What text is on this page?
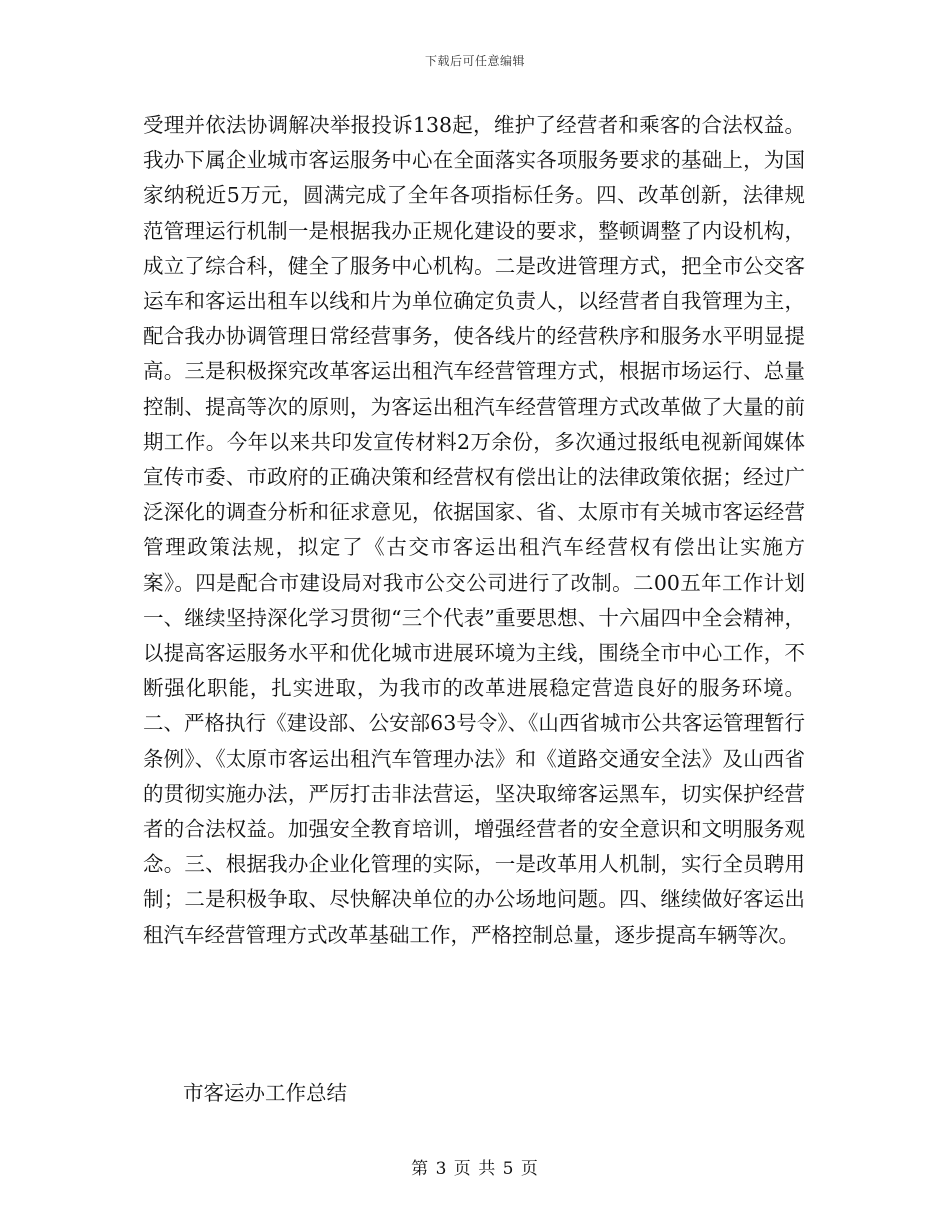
下载后可任意编辑

受理并依法协调解决举报投诉138起，维护了经营者和乘客的合法权益。我办下属企业城市客运服务中心在全面落实各项服务要求的基础上，为国家纳税近5万元，圆满完成了全年各项指标任务。四、改革创新，法律规范管理运行机制一是根据我办正规化建设的要求，整顿调整了内设机构，成立了综合科，健全了服务中心机构。二是改进管理方式，把全市公交客运车和客运出租车以线和片为单位确定负责人，以经营者自我管理为主，配合我办协调管理日常经营事务，使各线片的经营秩序和服务水平明显提高。三是积极探究改革客运出租汽车经营管理方式，根据市场运行、总量控制、提高等次的原则，为客运出租汽车经营管理方式改革做了大量的前期工作。今年以来共印发宣传材料2万余份，多次通过报纸电视新闻媒体宣传市委、市政府的正确决策和经营权有偿出让的法律政策依据；经过广泛深化的调查分析和征求意见，依据国家、省、太原市有关城市客运经营管理政策法规，拟定了《古交市客运出租汽车经营权有偿出让实施方案》。四是配合市建设局对我市公交公司进行了改制。二00五年工作计划一、继续坚持深化学习贯彻“三个代表”重要思想、十六届四中全会精神，以提高客运服务水平和优化城市进展环境为主线，围绕全市中心工作，不断强化职能，扎实进取，为我市的改革进展稳定营造良好的服务环境。二、严格执行《建设部、公安部63号令》、《山西省城市公共客运管理暂行条例》、《太原市客运出租汽车管理办法》和《道路交通安全法》及山西省的贯彻实施办法，严厉打击非法营运，坚决取缔客运黑车，切实保护经营者的合法权益。加强安全教育培训，增强经营者的安全意识和文明服务观念。三、根据我办企业化管理的实际，一是改革用人机制，实行全员聘用制；二是积极争取、尽快解决单位的办公场地问题。四、继续做好客运出租汽车经营管理方式改革基础工作，严格控制总量，逐步提高车辆等次。

市客运办工作总结

第 3 页 共 5 页
